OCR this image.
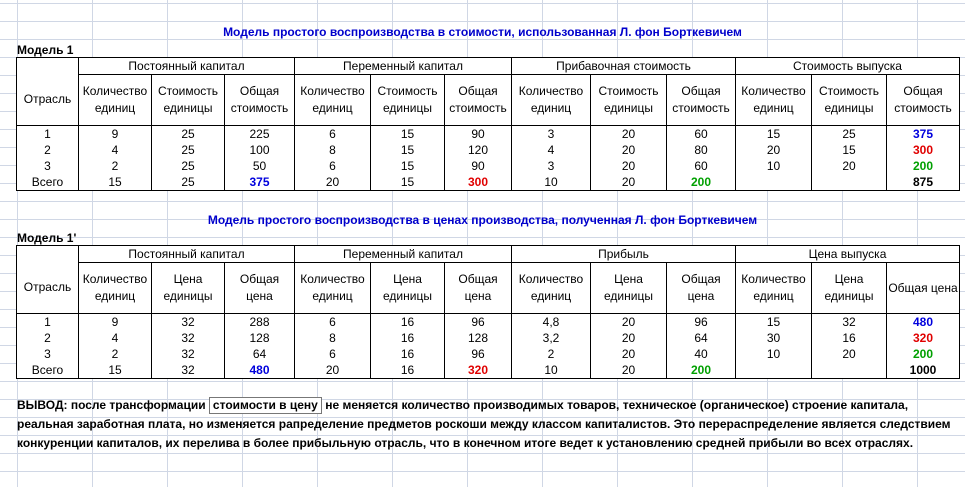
Модель простого воспроизводства в стоимости, использованная Л. фон Борткевичем
Модель 1
	Постоянный капитал			Переменный капитал			Прибавочная стоимость			Стоимость выпуска		
Отрасль	Количество единиц	Стоимость единицы	Общая стоимость	Количество единиц	Стоимость единицы	Общая стоимость	Количество единиц	Стоимость единицы	Общая стоимость	Количество единиц	Стоимость единицы	Общая стоимость
1	9	25	225	6	15	90	3	20	60	15	25	375
2	4	25	100	8	15	120	4	20	80	20	15	300
3	2	25	50	6	15	90	3	20	60	10	20	200
Всего	15	25	375	20	15	300	10	20	200			875
Модель простого воспроизводства в ценах производства, полученная Л. фон Борткевичем
Модель 1'
	Постоянный капитал			Переменный капитал			Прибыль			Цена выпуска		
Отрасль	Количество единиц	Цена единицы	Общая цена	Количество единиц	Цена единицы	Общая цена	Количество единиц	Цена единицы	Общая цена	Количество единиц	Цена единицы	Общая цена
1	9	32	288	6	16	96	4,8	20	96	15	32	480
2	4	32	128	8	16	128	3,2	20	64	30	16	320
3	2	32	64	6	16	96	2	20	40	10	20	200
Всего	15	32	480	20	16	320	10	20	200			1000
ВЫВОД: после трансформации стоимости в цену не меняется количество производимых товаров, техническое (органическое) строение капитала, реальная заработная плата, но изменяется рапределение предметов роскоши между классом капиталистов. Это перераспределение является следствием конкуренции капиталов, их перелива в более прибыльную отрасль, что в конечном итоге ведет к установлению средней прибыли во всех отраслях.
